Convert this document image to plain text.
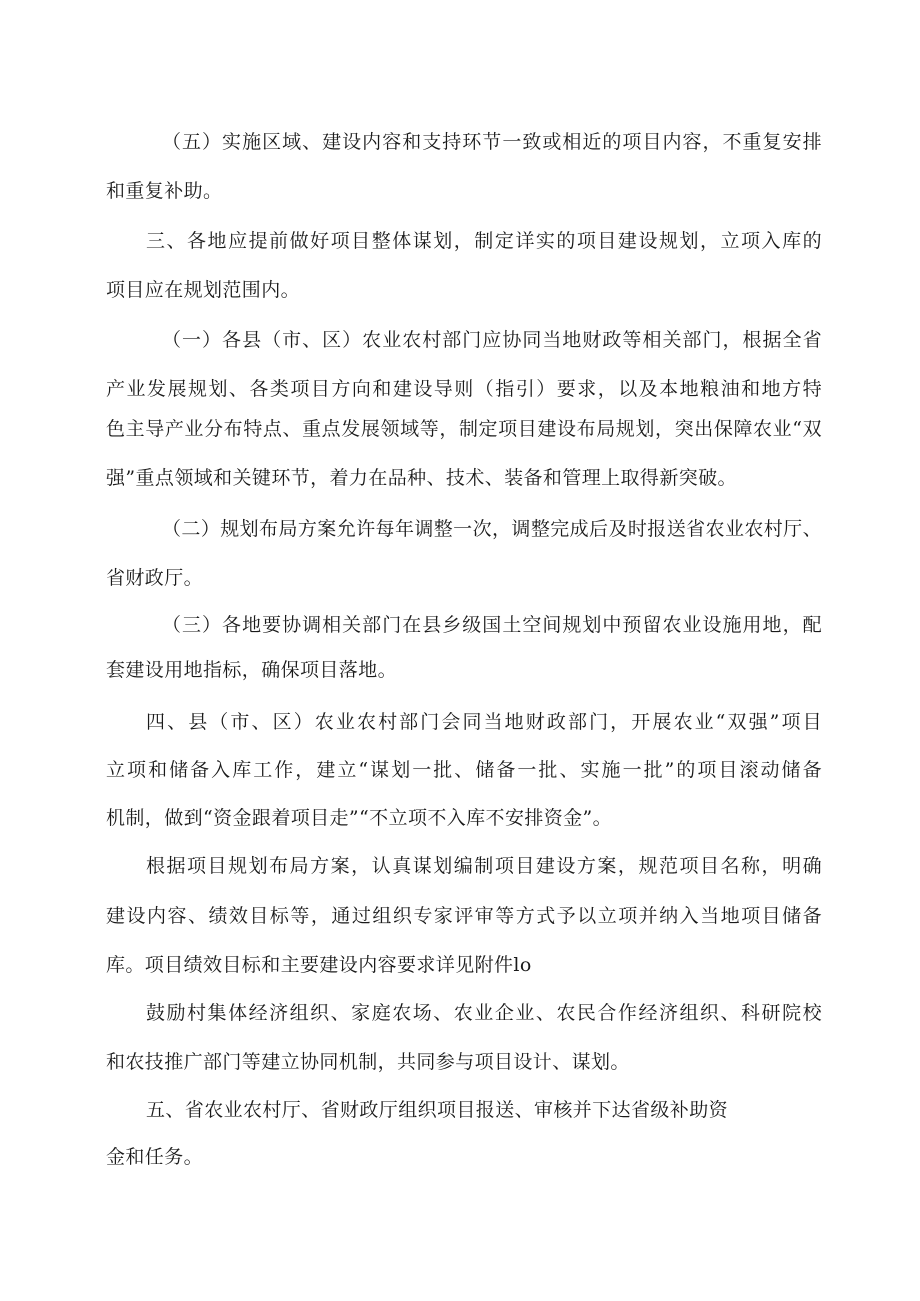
（五）实施区域、建设内容和支持环节一致或相近的项目内容，不重复安排
和重复补助。
三、各地应提前做好项目整体谋划，制定详实的项目建设规划，立项入库的
项目应在规划范围内。
（一）各县（市、区）农业农村部门应协同当地财政等相关部门，根据全省
产业发展规划、各类项目方向和建设导则（指引）要求，以及本地粮油和地方特
色主导产业分布特点、重点发展领域等，制定项目建设布局规划，突出保障农业“双
强”重点领域和关键环节，着力在品种、技术、装备和管理上取得新突破。
（二）规划布局方案允许每年调整一次，调整完成后及时报送省农业农村厅、
省财政厅。
（三）各地要协调相关部门在县乡级国土空间规划中预留农业设施用地，配
套建设用地指标，确保项目落地。
四、县（市、区）农业农村部门会同当地财政部门，开展农业“双强”项目
立项和储备入库工作，建立“谋划一批、储备一批、实施一批”的项目滚动储备
机制，做到“资金跟着项目走”“不立项不入库不安排资金”。
根据项目规划布局方案，认真谋划编制项目建设方案，规范项目名称，明确
建设内容、绩效目标等，通过组织专家评审等方式予以立项并纳入当地项目储备
库。项目绩效目标和主要建设内容要求详见附件lo
鼓励村集体经济组织、家庭农场、农业企业、农民合作经济组织、科研院校
和农技推广部门等建立协同机制，共同参与项目设计、谋划。
五、省农业农村厅、省财政厅组织项目报送、审核并下达省级补助资
金和任务。
